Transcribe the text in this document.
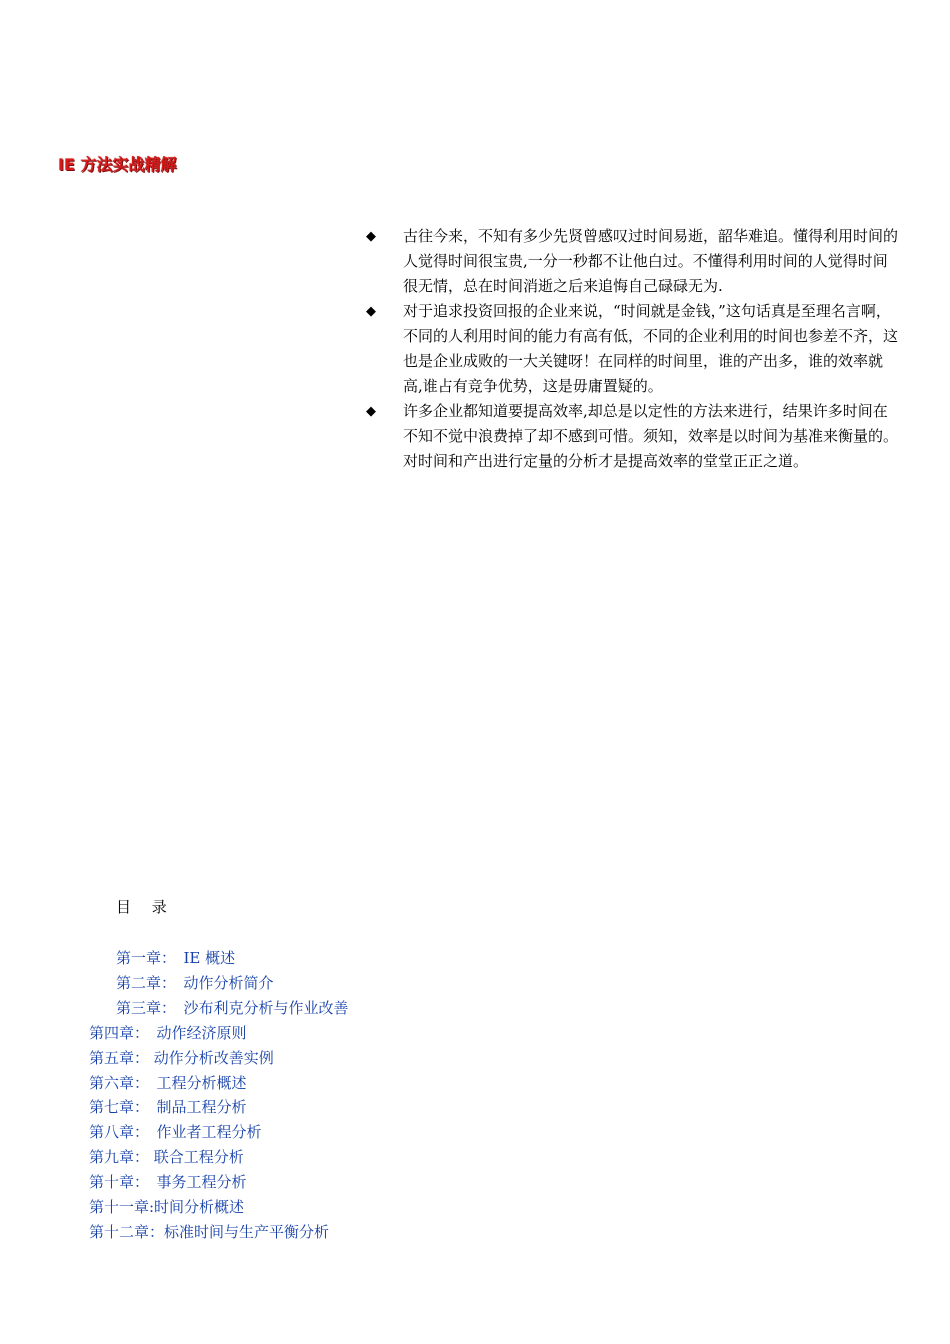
IE 方法实战精解
◆ 古往今来，不知有多少先贤曾感叹过时间易逝，韶华难追。懂得利用时间的人觉得时间很宝贵,一分一秒都不让他白过。不懂得利用时间的人觉得时间很无情，总在时间消逝之后来追悔自己碌碌无为.
◆ 对于追求投资回报的企业来说，“时间就是金钱，”这句话真是至理名言啊，不同的人利用时间的能力有高有低，不同的企业利用的时间也参差不齐，这也是企业成败的一大关键呀！在同样的时间里，谁的产出多，谁的效率就高,谁占有竞争优势，这是毋庸置疑的。
◆ 许多企业都知道要提高效率,却总是以定性的方法来进行，结果许多时间在不知不觉中浪费掉了却不感到可惜。须知，效率是以时间为基准来衡量的。对时间和产出进行定量的分析才是提高效率的堂堂正正之道。
目 录
第一章：　IE 概述
第二章：　动作分析简介
第三章：　沙布利克分析与作业改善
第四章：　动作经济原则
第五章： 动作分析改善实例
第六章：　工程分析概述
第七章：　制品工程分析
第八章：　作业者工程分析
第九章： 联合工程分析
第十章：　事务工程分析
第十一章:时间分析概述
第十二章：标准时间与生产平衡分析
